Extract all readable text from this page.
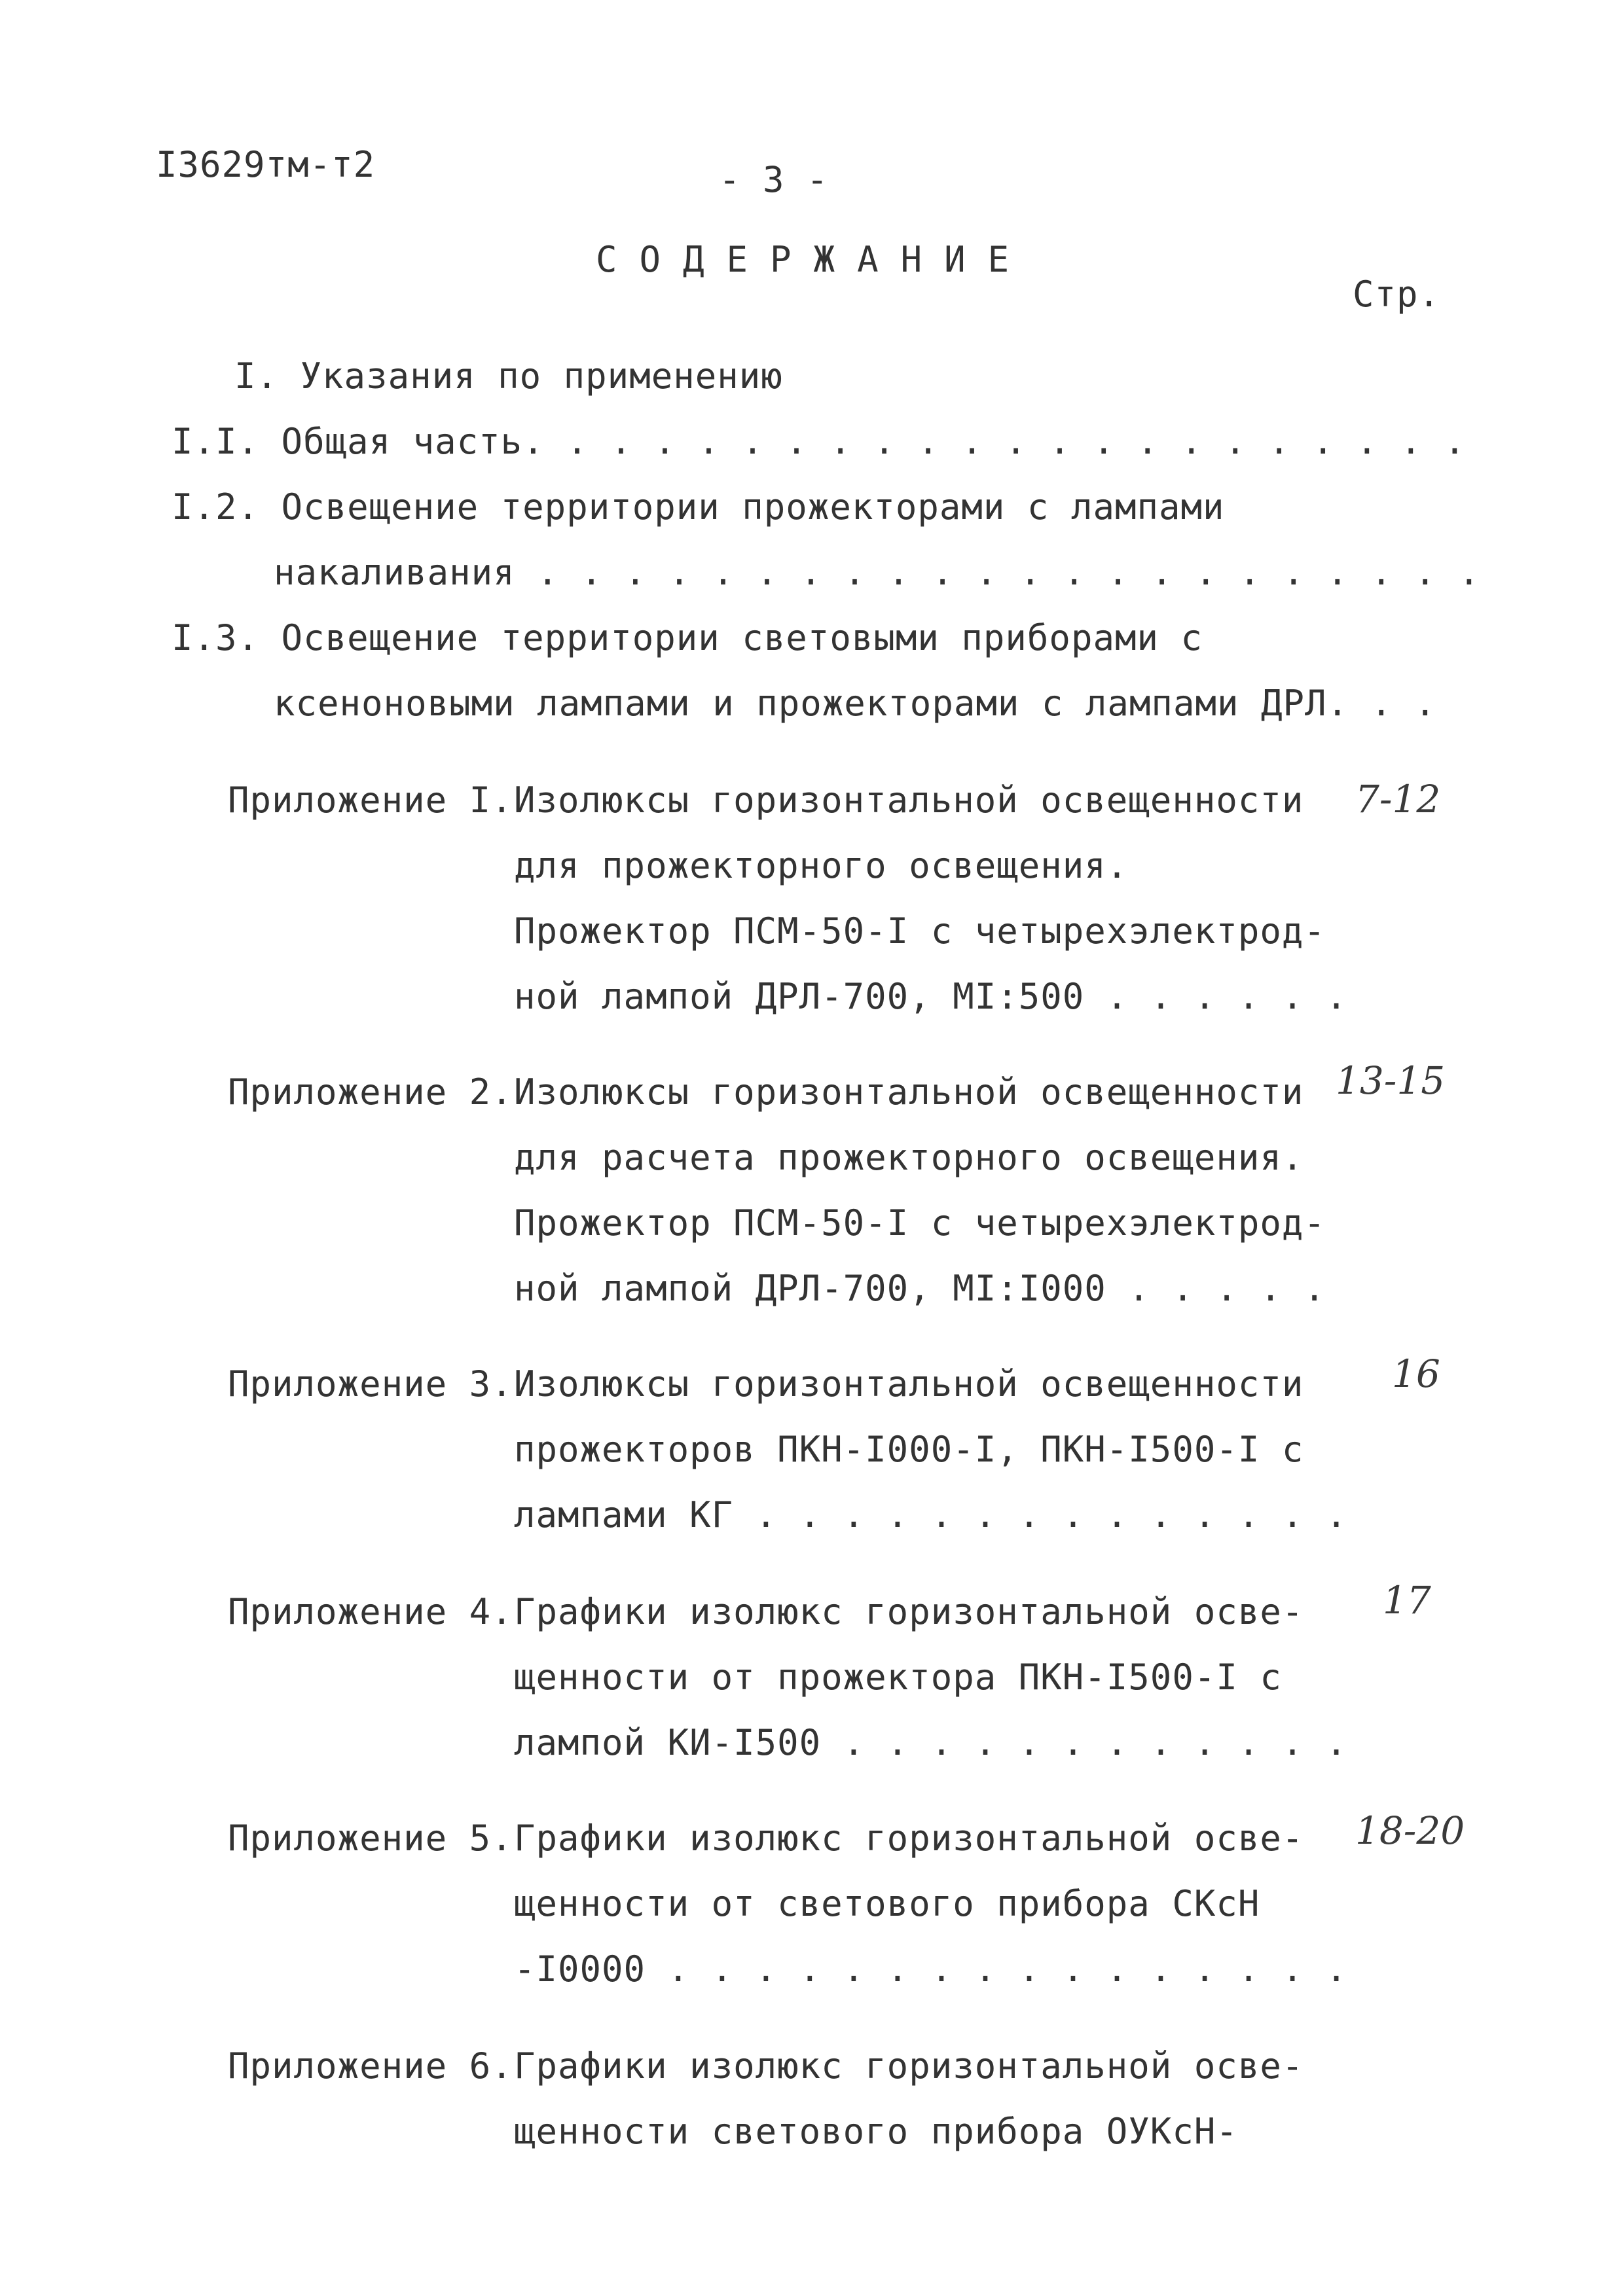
I3629тм-т2	- 3 -
СОДЕРЖАНИЕ
Стр.
I. Указания по применению
I.I. Общая часть. . . . . . . . . . . . . . . . . . . . . .
I.2. Освещение территории прожекторами с лампами
накаливания . . . . . . . . . . . . . . . . . . . . . .
I.3. Освещение территории световыми приборами с
ксеноновыми лампами и прожекторами с лампами ДРЛ. . .
Приложение I. Изолюксы горизонтальной освещенности
для прожекторного освещения.
Прожектор ПСМ-50-I с четырехэлектрод-
ной лампой ДРЛ-700, МI:500 . . . . . .
7-12
Приложение 2. Изолюксы горизонтальной освещенности
для расчета прожекторного освещения.
Прожектор ПСМ-50-I с четырехэлектрод-
ной лампой ДРЛ-700, МI:I000 . . . . .
13-15
Приложение 3. Изолюксы горизонтальной освещенности
прожекторов ПКН-I000-I, ПКН-I500-I с
лампами КГ . . . . . . . . . . . . . .
16
Приложение 4. Графики изолюкс горизонтальной осве-
щенности от прожектора ПКН-I500-I с
лампой КИ-I500 . . . . . . . . . . . .
17
Приложение 5. Графики изолюкс горизонтальной осве-
щенности от светового прибора СКсН
-I0000 . . . . . . . . . . . . . . . .
18-20
Приложение 6. Графики изолюкс горизонтальной осве-
щенности светового прибора ОУКсН-
